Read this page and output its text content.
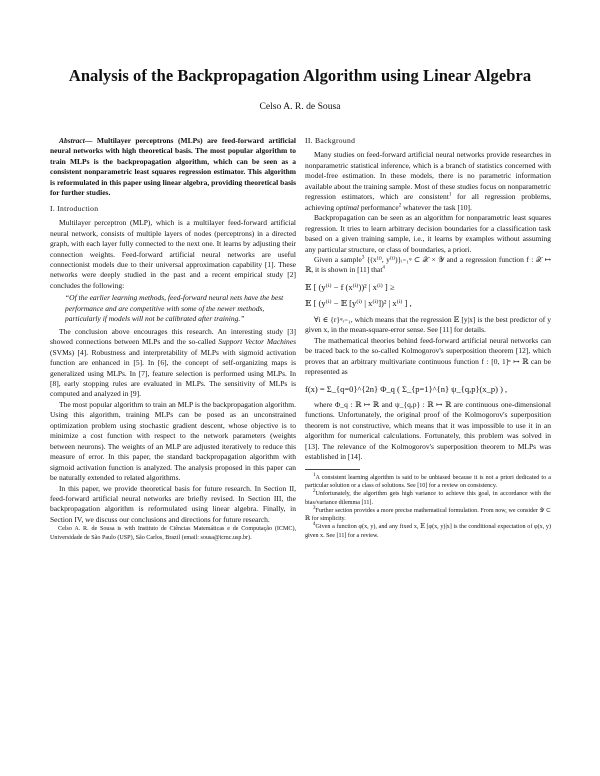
Analysis of the Backpropagation Algorithm using Linear Algebra

Celso A. R. de Sousa

Abstract— Multilayer perceptrons (MLPs) are feed-forward artificial neural networks with high theoretical basis. The most popular algorithm to train MLPs is the backpropagation algorithm, which can be seen as a consistent nonparametric least squares regression estimator. This algorithm is reformulated in this paper using linear algebra, providing theoretical basis for further studies.

I. Introduction

Multilayer perceptron (MLP), which is a multilayer feed-forward artificial neural network, consists of multiple layers of nodes (perceptrons) in a directed graph, with each layer fully connected to the next one. It learns by adjusting their connection weights. Feed-forward artificial neural networks are useful connectionist models due to their universal approximation capability [1]. These networks were deeply studied in the past and a recent empirical study [2] concludes the following:

“Of the earlier learning methods, feed-forward neural nets have the best performance and are competitive with some of the newer methods, particularly if models will not be calibrated after training.”

The conclusion above encourages this research. An interesting study [3] showed connections between MLPs and the so-called Support Vector Machines (SVMs) [4]. Robustness and interpretability of MLPs with sigmoid activation function are enhanced in [5]. In [6], the concept of self-organizing maps is generalized using MLPs. In [7], feature selection is performed using MLPs. In [8], early stopping rules are evaluated in MLPs. The sensitivity of MLPs is computed and analyzed in [9].

The most popular algorithm to train an MLP is the backpropagation algorithm. Using this algorithm, training MLPs can be posed as an unconstrained optimization problem using stochastic gradient descent, whose objective is to minimize a cost function with respect to the network parameters (weights between neurons). The weights of an MLP are adjusted iteratively to reduce this measure of error. In this paper, the standard backpropagation algorithm with sigmoid activation function is analyzed. The analysis proposed in this paper can be naturally extended to related algorithms.

In this paper, we provide theoretical basis for future research. In Section II, feed-forward artificial neural networks are briefly revised. In Section III, the backpropagation algorithm is reformulated using linear algebra. Finally, in Section IV, we discuss our conclusions and directions for future research.

Celso A. R. de Sousa is with Instituto de Ciências Matemáticas e de Computação (ICMC), Universidade de São Paulo (USP), São Carlos, Brazil (email: sousa@icmc.usp.br).

II. Background

Many studies on feed-forward artificial neural networks provide researches in nonparametric statistical inference, which is a branch of statistics concerned with model-free estimation. In these models, there is no parametric information available about the training sample. Most of these studies focus on nonparametric regression estimators, which are consistent$^1$ for all regression problems, achieving optimal performance$^2$ whatever the task [10].

Backpropagation can be seen as an algorithm for nonparametric least squares regression. It tries to learn arbitrary decision boundaries for a classification task based on a given training sample, i.e., it learns by examples without assuming any particular structure, or class of boundaries, a priori.

Given a sample$^3$ {(x⁽ⁱ⁾, y⁽ⁱ⁾)}ᵢ₌₁ᵠ ⊂ 𝒳 × 𝒴 and a regression function f : 𝒳 ↦ ℝ, it is shown in [11] that$^4$

𝔼 [ (y⁽ⁱ⁾ − f (x⁽ⁱ⁾))² | x⁽ⁱ⁾ ] ≥

𝔼 [ (y⁽ⁱ⁾ − 𝔼 [y⁽ⁱ⁾ | x⁽ⁱ⁾])² | x⁽ⁱ⁾ ] ,

∀i ∈ {r}ᵠᵣ₌₁, which means that the regression 𝔼 [y|x] is the best predictor of y given x, in the mean-square-error sense. See [11] for details.

The mathematical theories behind feed-forward artificial neural networks can be traced back to the so-called Kolmogorov's superposition theorem [12], which proves that an arbitrary multivariate continuous function f : [0, 1]ⁿ ↦ ℝ can be represented as

f(x) = Σ_{q=0}^{2n} Φ_q ( Σ_{p=1}^{n} ψ_{q,p}(x_p) ) ,

where Φ_q : ℝ ↦ ℝ and ψ_{q,p} : ℝ ↦ ℝ are continuous one-dimensional functions. Unfortunately, the original proof of the Kolmogorov's superposition theorem is not constructive, which means that it was impossible to use it in an algorithm for numerical calculations. Fortunately, this problem was solved in [13]. The relevance of the Kolmogorov's superposition theorem to MLPs was established in [14].

$^1$A consistent learning algorithm is said to be unbiased because it is not a priori dedicated to a particular solution or a class of solutions. See [10] for a review on consistency.

$^2$Unfortunately, the algorithm gets high variance to achieve this goal, in accordance with the bias/variance dilemma [11].

$^3$Further section provides a more precise mathematical formulation. From now, we consider 𝒴 ⊂ ℝ for simplicity.

$^4$Given a function φ(x, y), and any fixed x, 𝔼 [φ(x, y)|x] is the conditional expectation of φ(x, y) given x. See [11] for a review.
